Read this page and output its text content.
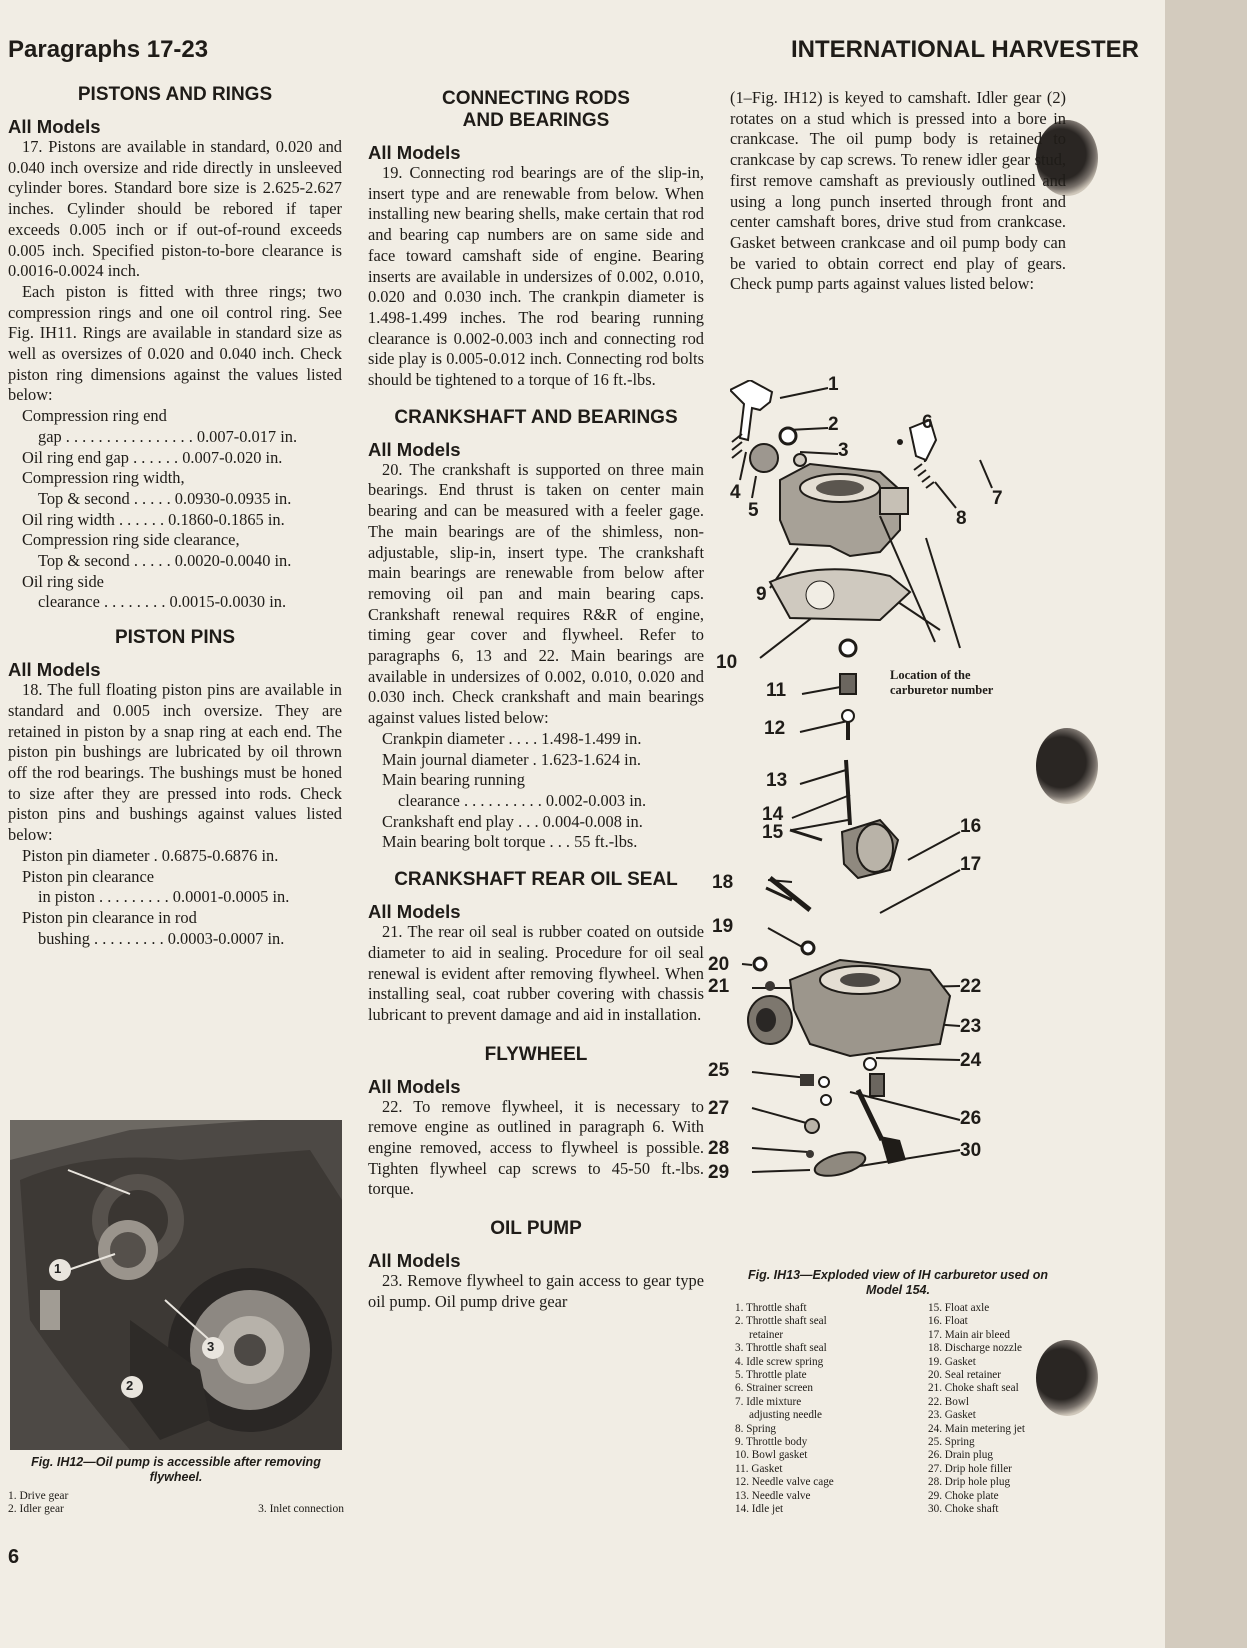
Paragraphs 17-23	INTERNATIONAL HARVESTER
PISTONS AND RINGS
All Models

17. Pistons are available in standard, 0.020 and 0.040 inch oversize and ride directly in unsleeved cylinder bores. Standard bore size is 2.625-2.627 inches. Cylinder should be rebored if taper exceeds 0.005 inch or if out-of-round exceeds 0.005 inch. Specified piston-to-bore clearance is 0.0016-0.0024 inch.

Each piston is fitted with three rings; two compression rings and one oil control ring. See Fig. IH11. Rings are available in standard size as well as oversizes of 0.020 and 0.040 inch. Check piston ring dimensions against the values listed below:

Compression ring end
gap . . . . . . . . . . . . . . . . 0.007-0.017 in.
Oil ring end gap . . . . . . 0.007-0.020 in.
Compression ring width,
Top & second . . . . . 0.0930-0.0935 in.
Oil ring width . . . . . . 0.1860-0.1865 in.
Compression ring side clearance,
Top & second . . . . . 0.0020-0.0040 in.
Oil ring side
clearance . . . . . . . . 0.0015-0.0030 in.
PISTON PINS
All Models

18. The full floating piston pins are available in standard and 0.005 inch oversize. They are retained in piston by a snap ring at each end. The piston pin bushings are lubricated by oil thrown off the rod bearings. The bushings must be honed to size after they are pressed into rods. Check piston pins and bushings against values listed below:

Piston pin diameter . 0.6875-0.6876 in.
Piston pin clearance
in piston . . . . . . . . . 0.0001-0.0005 in.
Piston pin clearance in rod
bushing . . . . . . . . . 0.0003-0.0007 in.
1
2
3
Fig. IH12—Oil pump is accessible after removing flywheel.
1. Drive gear
2. Idler gear	3. Inlet connection
CONNECTING RODS AND BEARINGS
All Models

19. Connecting rod bearings are of the slip-in, insert type and are renewable from below. When installing new bearing shells, make certain that rod and bearing cap numbers are on same side and face toward camshaft side of engine. Bearing inserts are available in undersizes of 0.002, 0.010, 0.020 and 0.030 inch. The crankpin diameter is 1.498-1.499 inches. The rod bearing running clearance is 0.002-0.003 inch and connecting rod side play is 0.005-0.012 inch. Connecting rod bolts should be tightened to a torque of 16 ft.-lbs.

CRANKSHAFT AND BEARINGS
All Models

20. The crankshaft is supported on three main bearings. End thrust is taken on center main bearing and can be measured with a feeler gage. The main bearings are of the shimless, non-adjustable, slip-in, insert type. The crankshaft main bearings are renewable from below after removing oil pan and main bearing caps. Crankshaft renewal requires R&R of engine, timing gear cover and flywheel. Refer to paragraphs 6, 13 and 22. Main bearings are available in undersizes of 0.002, 0.010, 0.020 and 0.030 inch. Check crankshaft and main bearings against values listed below:

Crankpin diameter . . . . 1.498-1.499 in.
Main journal diameter . 1.623-1.624 in.
Main bearing running
clearance . . . . . . . . . . 0.002-0.003 in.
Crankshaft end play . . . 0.004-0.008 in.
Main bearing bolt torque . . . 55 ft.-lbs.
CRANKSHAFT REAR OIL SEAL
All Models

21. The rear oil seal is rubber coated on outside diameter to aid in sealing. Procedure for oil seal renewal is evident after removing flywheel. When installing seal, coat rubber covering with chassis lubricant to prevent damage and aid in installation.

FLYWHEEL
All Models

22. To remove flywheel, it is necessary to remove engine as outlined in paragraph 6. With engine removed, access to flywheel is possible. Tighten flywheel cap screws to 45-50 ft.-lbs. torque.

OIL PUMP
All Models

23. Remove flywheel to gain access to gear type oil pump. Oil pump drive gear

(1–Fig. IH12) is keyed to camshaft. Idler gear (2) rotates on a stud which is pressed into a bore in crankcase. The oil pump body is retained to crankcase by cap screws. To renew idler gear stud, first remove camshaft as previously outlined and using a long punch inserted through front and center camshaft bores, drive stud from crankcase. Gasket between crankcase and oil pump body can be varied to obtain correct end play of gears. Check pump parts against values listed below:

1
2
3
4
5
6
7
8
9
10
11
12
13
14
15	16
17
18
19
20
21	22
23
24
25
26
27
28
29
30
Location of the carburetor number
Fig. IH13—Exploded view of IH carburetor used on Model 154.
1. Throttle shaft
2. Throttle shaft seal
retainer
3. Throttle shaft seal
4. Idle screw spring
5. Throttle plate
6. Strainer screen
7. Idle mixture
adjusting needle
8. Spring
9. Throttle body
10. Bowl gasket
11. Gasket
12. Needle valve cage
13. Needle valve
14. Idle jet
15. Float axle
16. Float
17. Main air bleed
18. Discharge nozzle
19. Gasket
20. Seal retainer
21. Choke shaft seal
22. Bowl
23. Gasket
24. Main metering jet
25. Spring
26. Drain plug
27. Drip hole filler
28. Drip hole plug
29. Choke plate
30. Choke shaft
6
